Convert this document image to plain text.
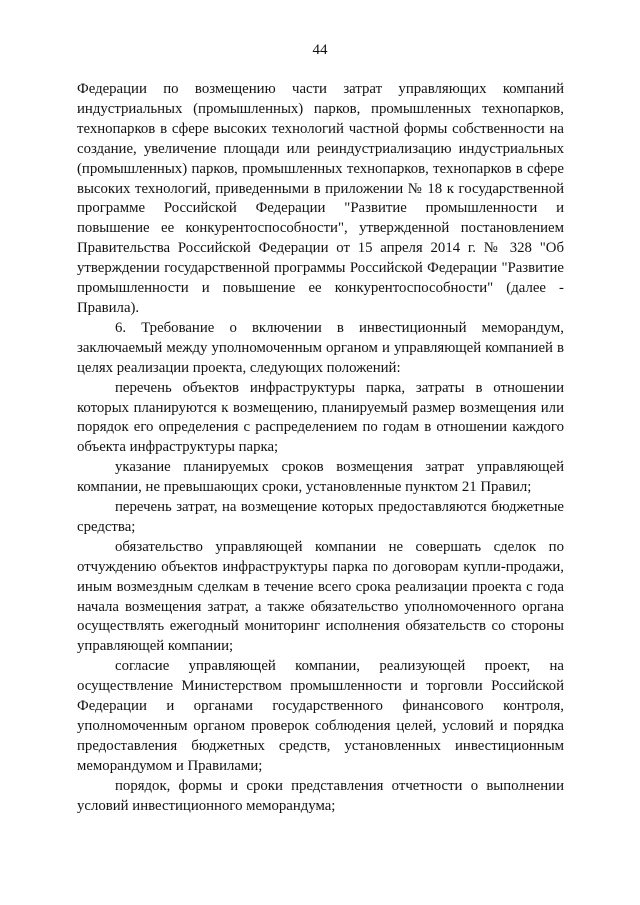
44

Федерации по возмещению части затрат управляющих компаний индустриальных (промышленных) парков, промышленных технопарков, технопарков в сфере высоких технологий частной формы собственности на создание, увеличение площади или реиндустриализацию индустриальных (промышленных) парков, промышленных технопарков, технопарков в сфере высоких технологий, приведенными в приложении № 18 к государственной программе Российской Федерации "Развитие промышленности и повышение ее конкурентоспособности", утвержденной постановлением Правительства Российской Федерации от 15 апреля 2014 г. № 328 "Об утверждении государственной программы Российской Федерации "Развитие промышленности и повышение ее конкурентоспособности" (далее - Правила).

6. Требование о включении в инвестиционный меморандум, заключаемый между уполномоченным органом и управляющей компанией в целях реализации проекта, следующих положений:

перечень объектов инфраструктуры парка, затраты в отношении которых планируются к возмещению, планируемый размер возмещения или порядок его определения с распределением по годам в отношении каждого объекта инфраструктуры парка;

указание планируемых сроков возмещения затрат управляющей компании, не превышающих сроки, установленные пунктом 21 Правил;

перечень затрат, на возмещение которых предоставляются бюджетные средства;

обязательство управляющей компании не совершать сделок по отчуждению объектов инфраструктуры парка по договорам купли-продажи, иным возмездным сделкам в течение всего срока реализации проекта с года начала возмещения затрат, а также обязательство уполномоченного органа осуществлять ежегодный мониторинг исполнения обязательств со стороны управляющей компании;

согласие управляющей компании, реализующей проект, на осуществление Министерством промышленности и торговли Российской Федерации и органами государственного финансового контроля, уполномоченным органом проверок соблюдения целей, условий и порядка предоставления бюджетных средств, установленных инвестиционным меморандумом и Правилами;

порядок, формы и сроки представления отчетности о выполнении условий инвестиционного меморандума;
